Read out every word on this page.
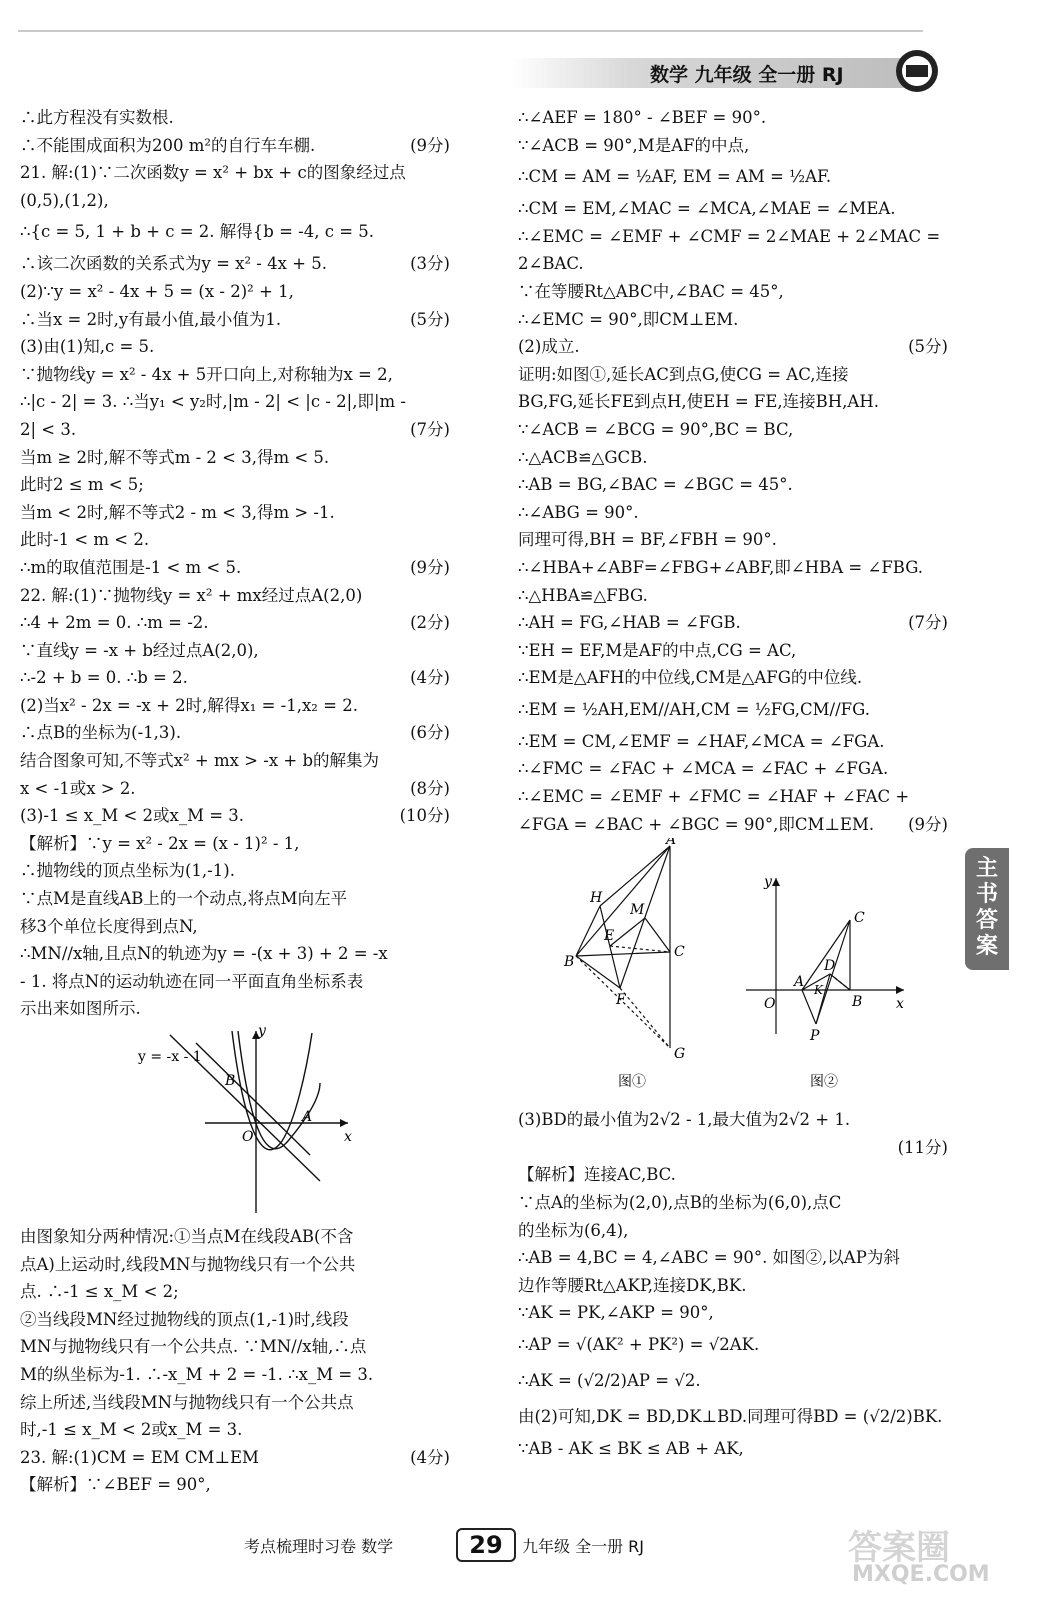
数学 九年级 全一册 RJ
∴此方程没有实数根.
∴不能围成面积为200 m²的自行车车棚.	(9分)
21. 解:(1)∵二次函数y = x² + bx + c的图象经过点
(0,5),(1,2),
∴{c = 5, 1 + b + c = 2. 解得{b = -4, c = 5.
∴该二次函数的关系式为y = x² - 4x + 5.	(3分)
(2)∵y = x² - 4x + 5 = (x - 2)² + 1,
∴当x = 2时,y有最小值,最小值为1.	(5分)
(3)由(1)知,c = 5.
∵抛物线y = x² - 4x + 5开口向上,对称轴为x = 2,
∴|c - 2| = 3. ∴当y₁ < y₂时,|m - 2| < |c - 2|,即|m -
2| < 3.	(7分)
当m ≥ 2时,解不等式m - 2 < 3,得m < 5.
此时2 ≤ m < 5;
当m < 2时,解不等式2 - m < 3,得m > -1.
此时-1 < m < 2.
∴m的取值范围是-1 < m < 5.	(9分)
22. 解:(1)∵抛物线y = x² + mx经过点A(2,0)
∴4 + 2m = 0. ∴m = -2.	(2分)
∵直线y = -x + b经过点A(2,0),
∴-2 + b = 0. ∴b = 2.	(4分)
(2)当x² - 2x = -x + 2时,解得x₁ = -1,x₂ = 2.
∴点B的坐标为(-1,3).	(6分)
结合图象可知,不等式x² + mx > -x + b的解集为
x < -1或x > 2.	(8分)
(3)-1 ≤ x_M < 2或x_M = 3.	(10分)
【解析】∵y = x² - 2x = (x - 1)² - 1,
∴抛物线的顶点坐标为(1,-1).
∵点M是直线AB上的一个动点,将点M向左平
移3个单位长度得到点N,
∴MN//x轴,且点N的轨迹为y = -(x + 3) + 2 = -x
- 1. 将点N的运动轨迹在同一平面直角坐标系表
示出来如图所示.
y = -x - 1
y
x
O
A
B
由图象知分两种情况:①当点M在线段AB(不含
点A)上运动时,线段MN与抛物线只有一个公共
点. ∴-1 ≤ x_M < 2;
②当线段MN经过抛物线的顶点(1,-1)时,线段
MN与抛物线只有一个公共点. ∵MN//x轴,∴点
M的纵坐标为-1. ∴-x_M + 2 = -1. ∴x_M = 3.
综上所述,当线段MN与抛物线只有一个公共点
时,-1 ≤ x_M < 2或x_M = 3.
23. 解:(1)CM = EM CM⊥EM	(4分)
【解析】∵∠BEF = 90°,
∴∠AEF = 180° - ∠BEF = 90°.
∵∠ACB = 90°,M是AF的中点,
∴CM = AM = ½AF, EM = AM = ½AF.
∴CM = EM,∠MAC = ∠MCA,∠MAE = ∠MEA.
∴∠EMC = ∠EMF + ∠CMF = 2∠MAE + 2∠MAC =
2∠BAC.
∵在等腰Rt△ABC中,∠BAC = 45°,
∴∠EMC = 90°,即CM⊥EM.
(2)成立.	(5分)
证明:如图①,延长AC到点G,使CG = AC,连接
BG,FG,延长FE到点H,使EH = FE,连接BH,AH.
∵∠ACB = ∠BCG = 90°,BC = BC,
∴△ACB≌△GCB.
∴AB = BG,∠BAC = ∠BGC = 45°.
∴∠ABG = 90°.
同理可得,BH = BF,∠FBH = 90°.
∴∠HBA+∠ABF=∠FBG+∠ABF,即∠HBA = ∠FBG.
∴△HBA≌△FBG.
∴AH = FG,∠HAB = ∠FGB.	(7分)
∵EH = EF,M是AF的中点,CG = AC,
∴EM是△AFH的中位线,CM是△AFG的中位线.
∴EM = ½AH,EM//AH,CM = ½FG,CM//FG.
∴EM = CM,∠EMF = ∠HAF,∠MCA = ∠FGA.
∴∠FMC = ∠FAC + ∠MCA = ∠FAC + ∠FGA.
∴∠EMC = ∠EMF + ∠FMC = ∠HAF + ∠FAC +
∠FGA = ∠BAC + ∠BGC = 90°,即CM⊥EM. (9分)
A
H
M
E
B
C
F
G
图①
y
C
A
D
K
O	B
P
x
图②
(3)BD的最小值为2√2 - 1,最大值为2√2 + 1.
(11分)
【解析】连接AC,BC.
∵点A的坐标为(2,0),点B的坐标为(6,0),点C
的坐标为(6,4),
∴AB = 4,BC = 4,∠ABC = 90°. 如图②,以AP为斜
边作等腰Rt△AKP,连接DK,BK.
∵AK = PK,∠AKP = 90°,
∴AP = √(AK² + PK²) = √2AK.
∴AK = (√2/2)AP = √2.
由(2)可知,DK = BD,DK⊥BD.同理可得BD = (√2/2)BK.
∵AB - AK ≤ BK ≤ AB + AK,
主书答案
考点梳理时习卷 数学	29	九年级 全一册 RJ	答案圈
MXQE.COM
